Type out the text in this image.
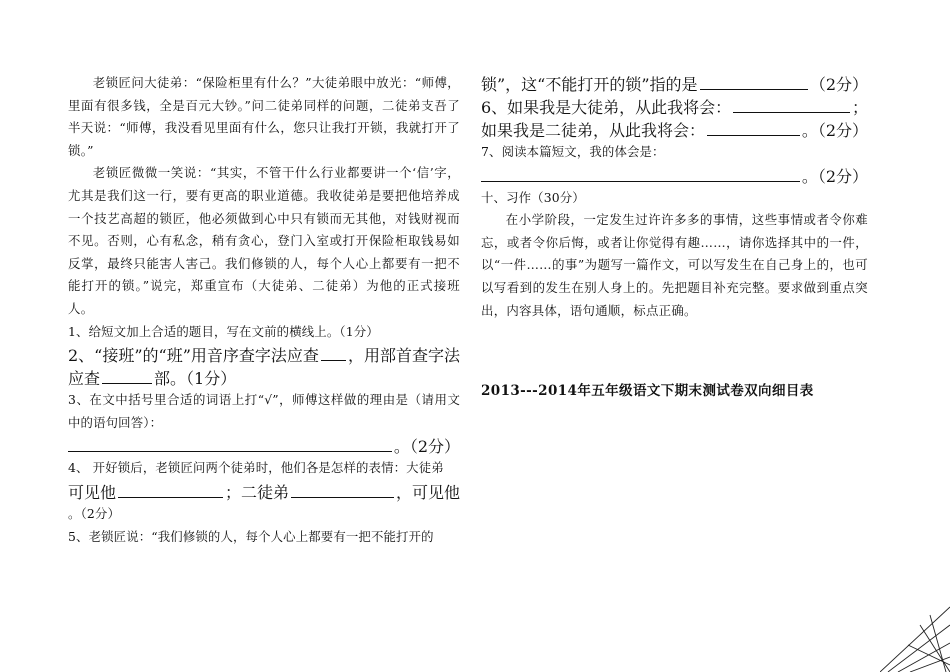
老锁匠问大徒弟：“保险柜里有什么？”大徒弟眼中放光：“师傅，里面有很多钱，全是百元大钞。”问二徒弟同样的问题，二徒弟支吾了半天说：“师傅，我没看见里面有什么，您只让我打开锁，我就打开了锁。”

老锁匠微微一笑说：“其实，不管干什么行业都要讲一个‘信’字，尤其是我们这一行，要有更高的职业道德。我收徒弟是要把他培养成一个技艺高超的锁匠，他必须做到心中只有锁而无其他，对钱财视而不见。否则，心有私念，稍有贪心，登门入室或打开保险柜取钱易如反掌，最终只能害人害己。我们修锁的人，每个人心上都要有一把不能打开的锁。”说完，郑重宣布（大徒弟、二徒弟）为他的正式接班人。

1、给短文加上合适的题目，写在文前的横线上。（1分）

2、“接班”的“班”用音序查字法应查 ，用部首查字法
应查	部。（1分）

3、在文中括号里合适的词语上打“√”，师傅这样做的理由是（请用文中的语句回答）：

。（2分）

4、 开好锁后，老锁匠问两个徒弟时，他们各是怎样的表情：大徒弟

可见他	；二徒弟	，可见他

。（2分）

5、老锁匠说：“我们修锁的人，每个人心上都要有一把不能打开的

锁”，这“不能打开的锁”指的是	（2分）
6、如果我是大徒弟，从此我将会：	；
如果我是二徒弟，从此我将会：	。（2分）

7、阅读本篇短文，我的体会是：

。（2分）

十、习作（30分）

在小学阶段，一定发生过许许多多的事情，这些事情或者令你难忘，或者令你后悔，或者让你觉得有趣……，请你选择其中的一件，以“一件……的事”为题写一篇作文，可以写发生在自己身上的，也可以写看到的发生在别人身上的。先把题目补充完整。要求做到重点突出，内容具体，语句通顺，标点正确。

2013---2014年五年级语文下期末测试卷双向细目表
